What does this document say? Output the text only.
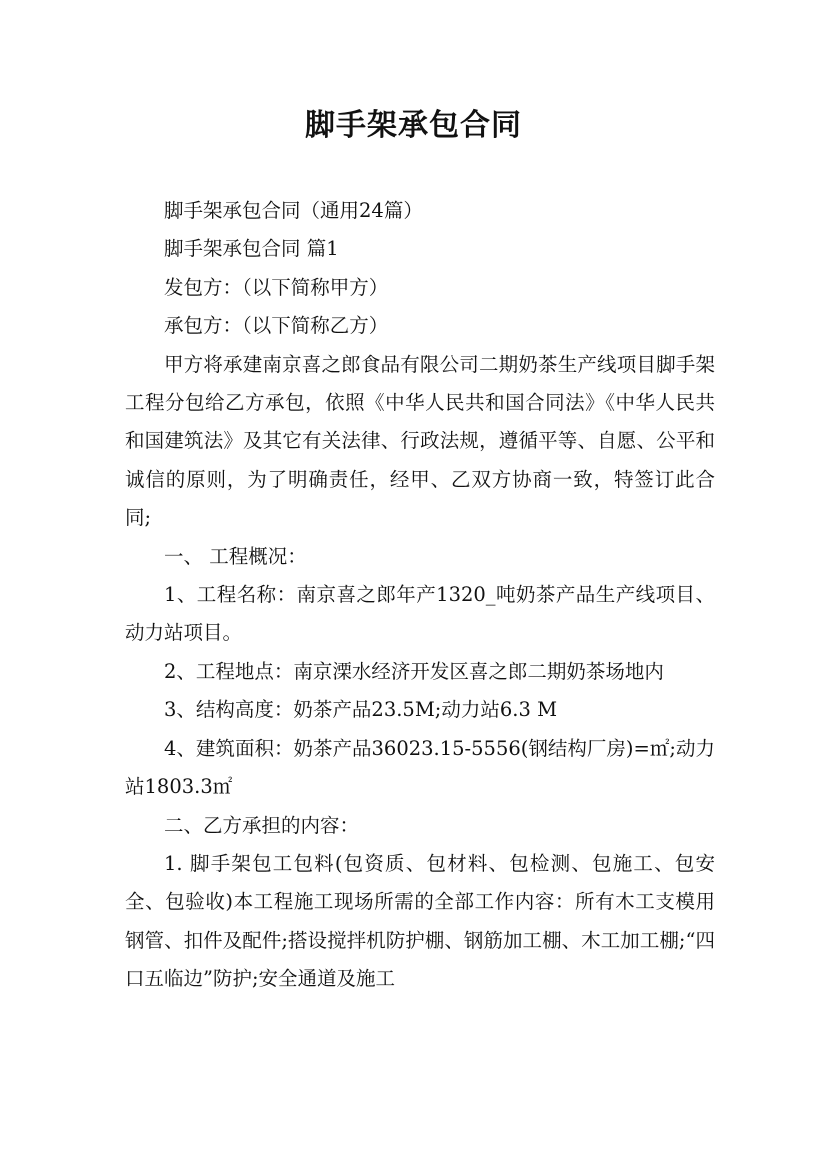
脚手架承包合同

脚手架承包合同（通用24篇）

脚手架承包合同 篇1

发包方：（以下简称甲方）

承包方：（以下简称乙方）

甲方将承建南京喜之郎食品有限公司二期奶茶生产线项目脚手架工程分包给乙方承包，依照《中华人民共和国合同法》《中华人民共和国建筑法》及其它有关法律、行政法规，遵循平等、自愿、公平和诚信的原则，为了明确责任，经甲、乙双方协商一致，特签订此合同;

一、 工程概况：

1、工程名称：南京喜之郎年产1320_吨奶茶产品生产线项目、动力站项目。

2、工程地点：南京溧水经济开发区喜之郎二期奶茶场地内

3、结构高度：奶茶产品23.5M;动力站6.3 M

4、建筑面积：奶茶产品36023.15-5556(钢结构厂房)=㎡;动力站1803.3㎡

二、乙方承担的内容：

1. 脚手架包工包料(包资质、包材料、包检测、包施工、包安全、包验收)本工程施工现场所需的全部工作内容：所有木工支模用钢管、扣件及配件;搭设搅拌机防护棚、钢筋加工棚、木工加工棚;“四口五临边”防护;安全通道及施工
